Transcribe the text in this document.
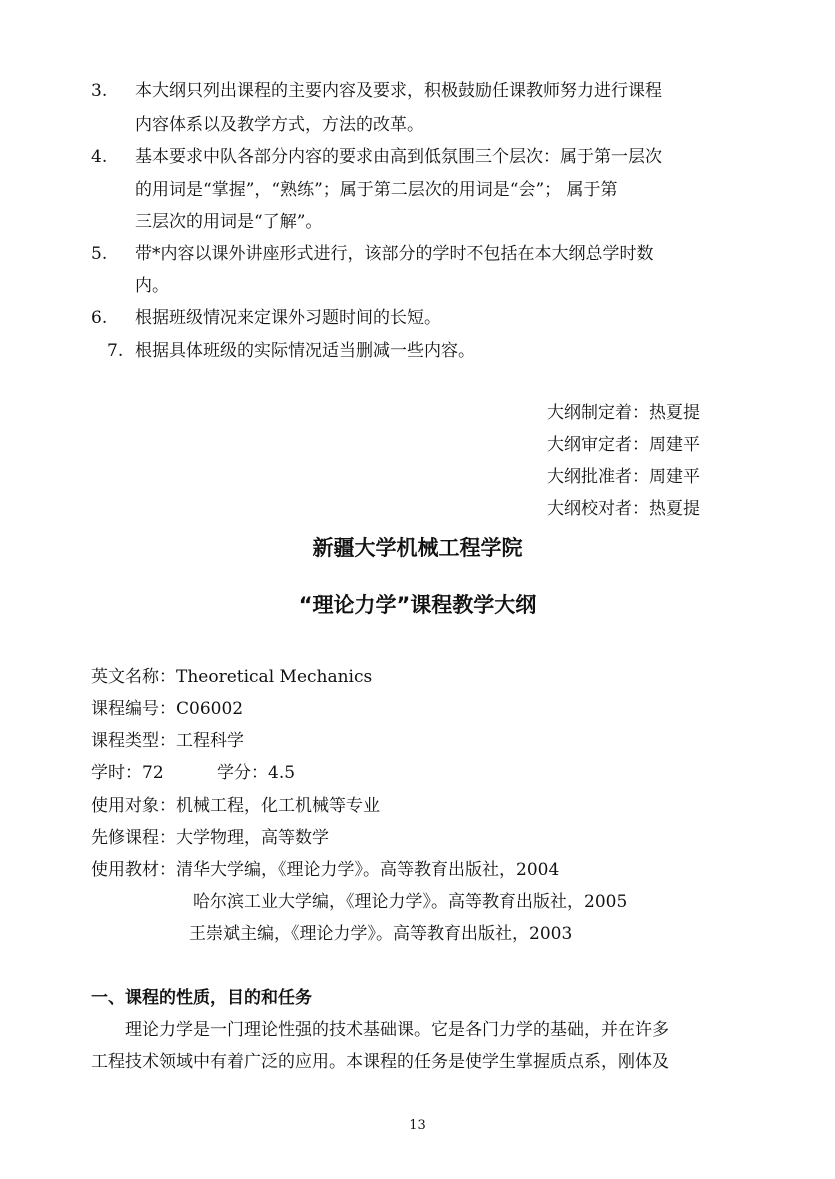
3. 本大纲只列出课程的主要内容及要求，积极鼓励任课教师努力进行课程
内容体系以及教学方式，方法的改革。
4. 基本要求中队各部分内容的要求由高到低氛围三个层次：属于第一层次
的用词是“掌握”，“熟练”；属于第二层次的用词是“会”； 属于第
三层次的用词是“了解”。
5. 带*内容以课外讲座形式进行，该部分的学时不包括在本大纲总学时数
内。
6. 根据班级情况来定课外习题时间的长短。
7. 根据具体班级的实际情况适当删减一些内容。
大纲制定着：热夏提
大纲审定者：周建平
大纲批准者：周建平
大纲校对者：热夏提
新疆大学机械工程学院
“理论力学”课程教学大纲
英文名称：Theoretical Mechanics
课程编号：C06002
课程类型：工程科学
学时：72	学分：4.5
使用对象：机械工程，化工机械等专业
先修课程：大学物理，高等数学
使用教材：清华大学编，《理论力学》。高等教育出版社，2004
哈尔滨工业大学编，《理论力学》。高等教育出版社，2005
王崇斌主编，《理论力学》。高等教育出版社，2003
一、课程的性质，目的和任务
理论力学是一门理论性强的技术基础课。它是各门力学的基础，并在许多
工程技术领域中有着广泛的应用。本课程的任务是使学生掌握质点系，刚体及
13
